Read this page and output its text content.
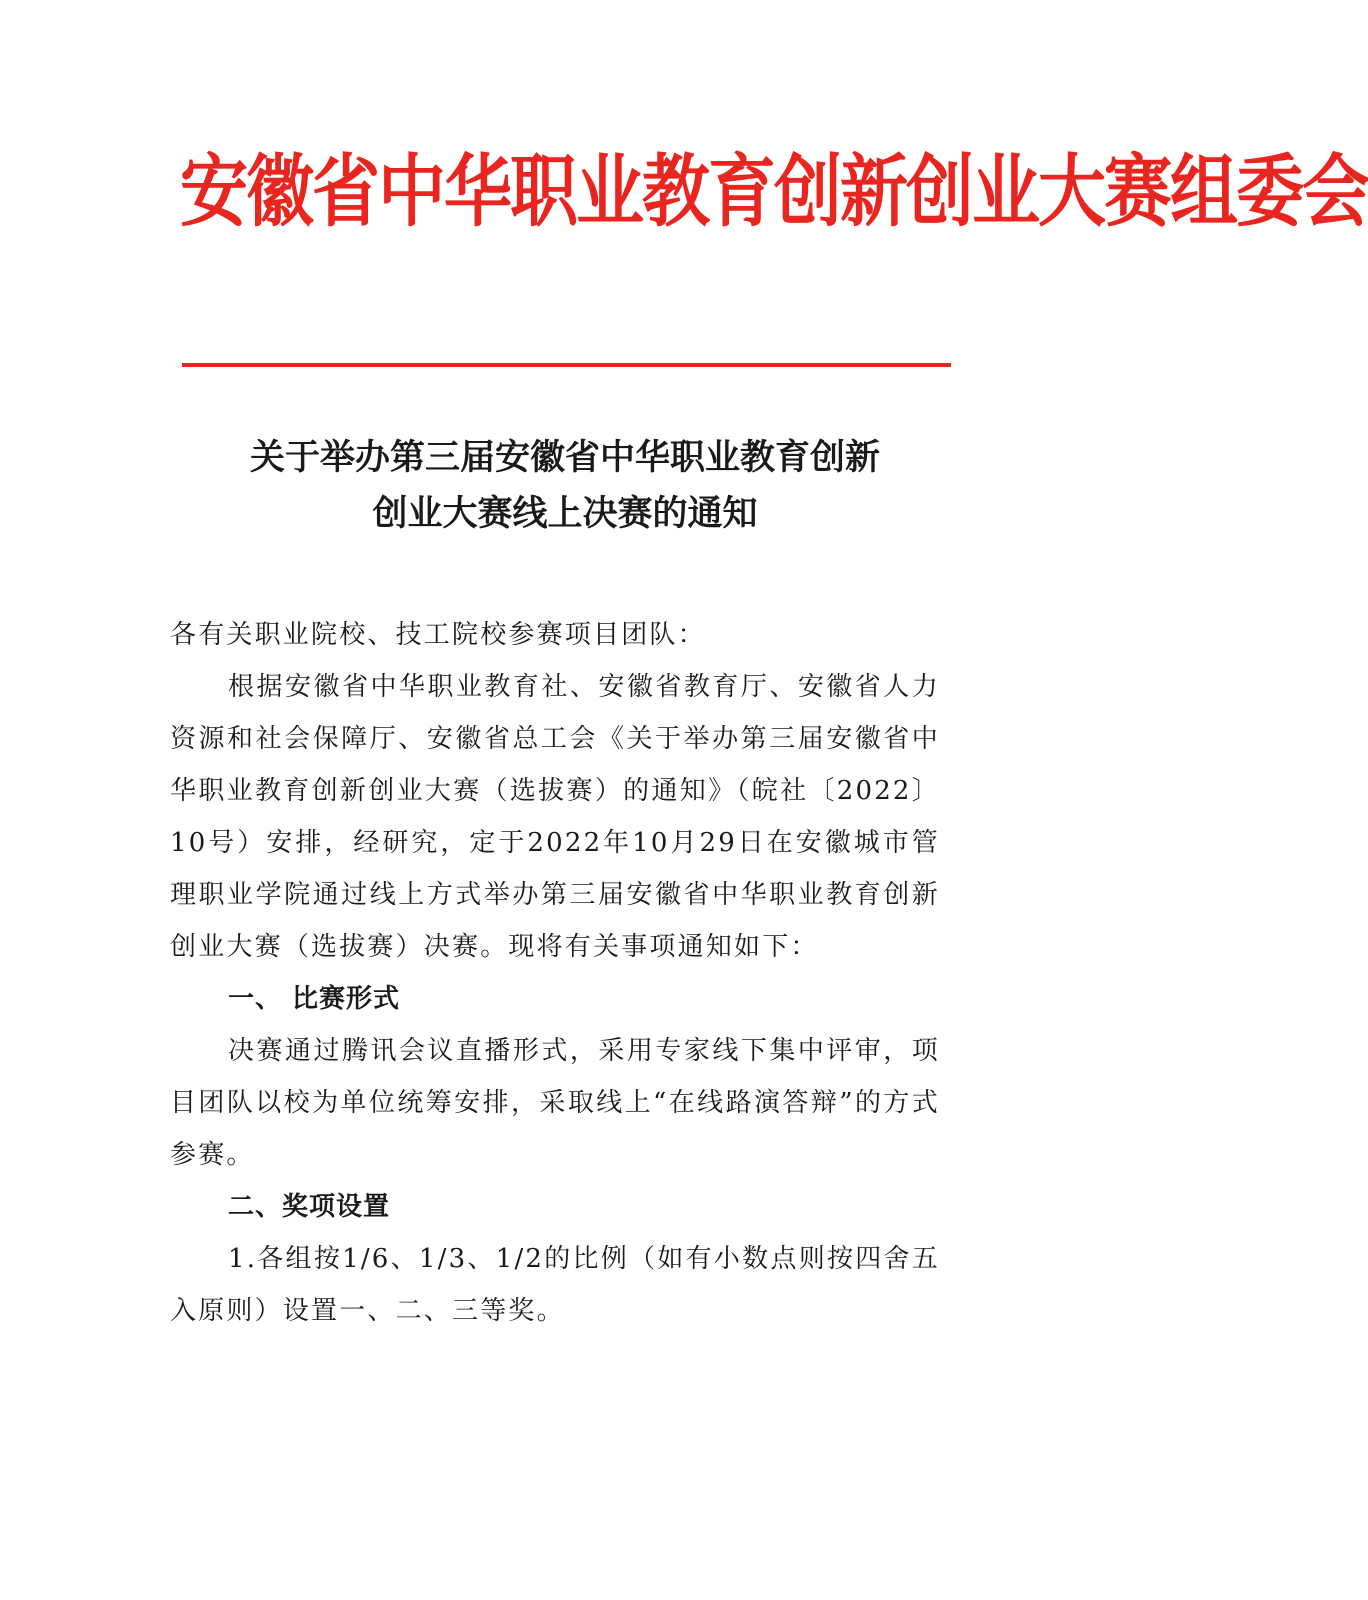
安徽省中华职业教育创新创业大赛组委会
关于举办第三届安徽省中华职业教育创新
创业大赛线上决赛的通知

各有关职业院校、技工院校参赛项目团队：

根据安徽省中华职业教育社、安徽省教育厅、安徽省人力资源和社会保障厅、安徽省总工会《关于举办第三届安徽省中华职业教育创新创业大赛（选拔赛）的通知》（皖社〔2022〕10号）安排，经研究，定于2022年10月29日在安徽城市管理职业学院通过线上方式举办第三届安徽省中华职业教育创新创业大赛（选拔赛）决赛。现将有关事项通知如下：

一、 比赛形式

决赛通过腾讯会议直播形式，采用专家线下集中评审，项目团队以校为单位统筹安排，采取线上“在线路演答辩”的方式参赛。

二、奖项设置

1.各组按1/6、1/3、1/2的比例（如有小数点则按四舍五入原则）设置一、二、三等奖。
